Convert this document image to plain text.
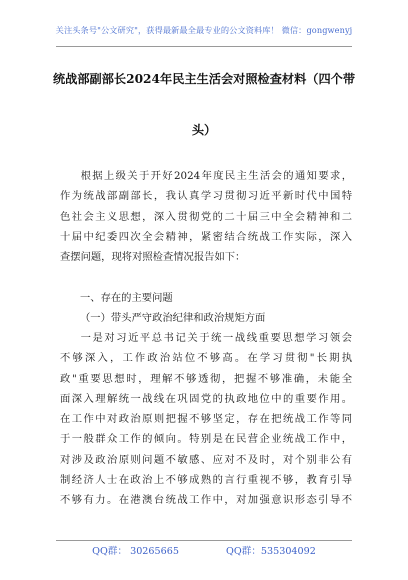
关注头条号"公文研究"，获得最新最全最专业的公文资料库！ 微信：gongwenyj
统战部副部长2024年民主生活会对照检查材料（四个带
头）
根据上级关于开好2024年度民主生活会的通知要求，
作为统战部副部长，我认真学习贯彻习近平新时代中国特
色社会主义思想，深入贯彻党的二十届三中全会精神和二
十届中纪委四次全会精神，紧密结合统战工作实际，深入
查摆问题，现将对照检查情况报告如下：
一、存在的主要问题
（一）带头严守政治纪律和政治规矩方面
一是对习近平总书记关于统一战线重要思想学习领会
不够深入，工作政治站位不够高。在学习贯彻"长期执
政"重要思想时，理解不够透彻，把握不够准确，未能全
面深入理解统一战线在巩固党的执政地位中的重要作用。
在工作中对政治原则把握不够坚定，存在把统战工作等同
于一般群众工作的倾向。特别是在民营企业统战工作中，
对涉及政治原则问题不敏感、应对不及时，对个别非公有
制经济人士在政治上不够成熟的言行重视不够，教育引导
不够有力。在港澳台统战工作中，对加强意识形态引导不
QQ群： 30265665	QQ群：535304092
